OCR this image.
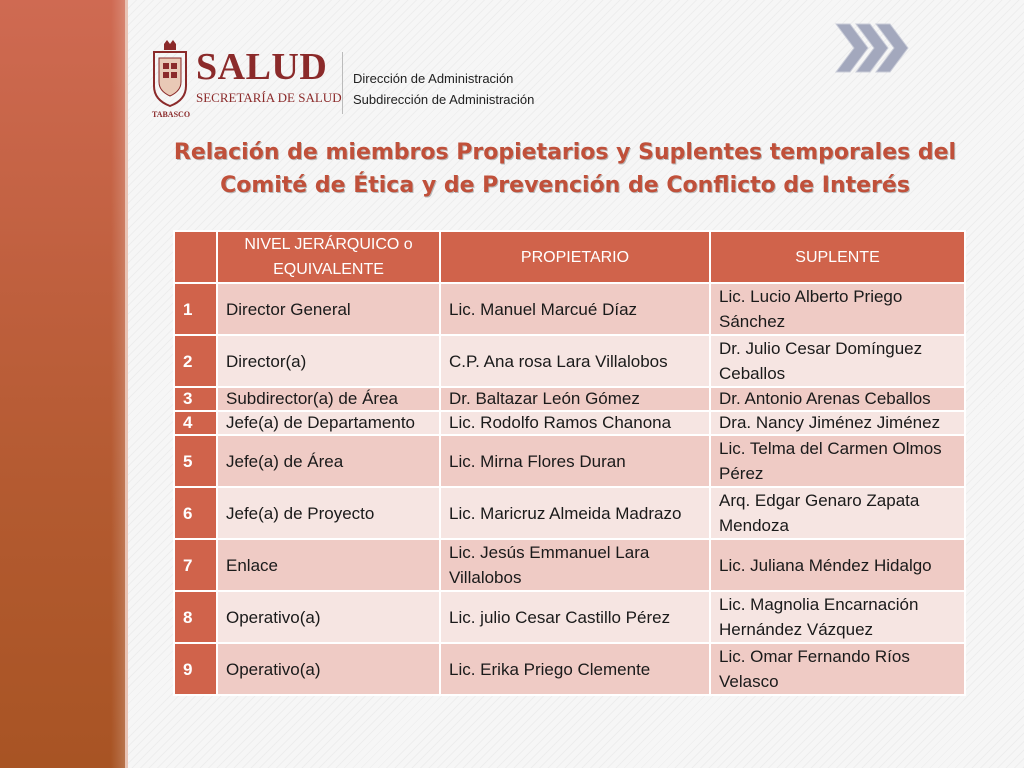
TABASCO
SALUD
SECRETARÍA DE SALUD
Dirección de Administración
Subdirección de Administración
Relación de miembros Propietarios y Suplentes temporales del
Comité de Ética y de Prevención de Conflicto de Interés
	NIVEL JERÁRQUICO o EQUIVALENTE	PROPIETARIO	SUPLENTE
1	Director General	Lic. Manuel Marcué Díaz	Lic. Lucio Alberto Priego Sánchez
2	Director(a)	C.P. Ana rosa Lara Villalobos	Dr. Julio Cesar Domínguez Ceballos
3	Subdirector(a) de Área	Dr. Baltazar León Gómez	Dr. Antonio Arenas Ceballos
4	Jefe(a) de Departamento	Lic. Rodolfo Ramos Chanona	Dra. Nancy Jiménez Jiménez
5	Jefe(a) de Área	Lic. Mirna Flores Duran	Lic. Telma del Carmen Olmos Pérez
6	Jefe(a) de Proyecto	Lic. Maricruz Almeida Madrazo	Arq. Edgar Genaro Zapata Mendoza
7	Enlace	Lic. Jesús Emmanuel Lara Villalobos	Lic. Juliana Méndez Hidalgo
8	Operativo(a)	Lic. julio Cesar Castillo Pérez	Lic. Magnolia Encarnación Hernández Vázquez
9	Operativo(a)	Lic. Erika Priego Clemente	Lic. Omar Fernando Ríos Velasco
